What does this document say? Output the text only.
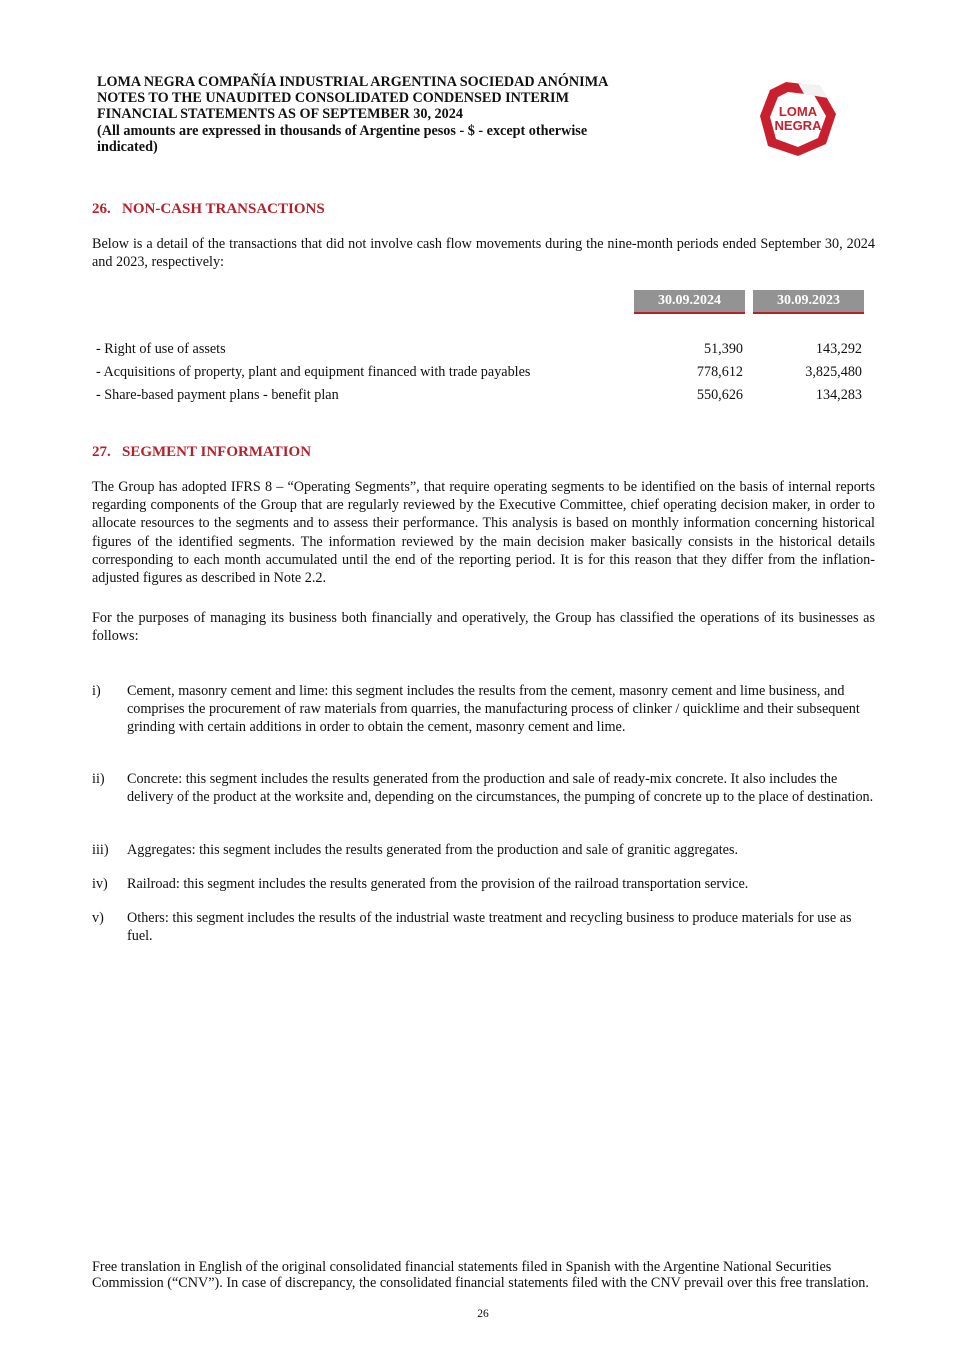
LOMA NEGRA COMPAÑÍA INDUSTRIAL ARGENTINA SOCIEDAD ANÓNIMA
NOTES TO THE UNAUDITED CONSOLIDATED CONDENSED INTERIM
FINANCIAL STATEMENTS AS OF SEPTEMBER 30, 2024
(All amounts are expressed in thousands of Argentine pesos - $ - except otherwise
indicated)
LOMA
NEGRA
26.   NON-CASH TRANSACTIONS
Below is a detail of the transactions that did not involve cash flow movements during the nine-month periods ended September 30, 2024 and 2023, respectively:
30.09.2024	30.09.2023
- Right of use of assets	51,390	143,292
- Acquisitions of property, plant and equipment financed with trade payables	778,612	3,825,480
- Share-based payment plans - benefit plan	550,626	134,283
27.   SEGMENT INFORMATION
The Group has adopted IFRS 8 – “Operating Segments”, that require operating segments to be identified on the basis of internal reports regarding components of the Group that are regularly reviewed by the Executive Committee, chief operating decision maker, in order to allocate resources to the segments and to assess their performance. This analysis is based on monthly information concerning historical figures of the identified segments. The information reviewed by the main decision maker basically consists in the historical details corresponding to each month accumulated until the end of the reporting period. It is for this reason that they differ from the inflation-adjusted figures as described in Note 2.2.
For the purposes of managing its business both financially and operatively, the Group has classified the operations of its businesses as follows:
i) Cement, masonry cement and lime: this segment includes the results from the cement, masonry cement and lime business, and comprises the procurement of raw materials from quarries, the manufacturing process of clinker / quicklime and their subsequent grinding with certain additions in order to obtain the cement, masonry cement and lime.
ii) Concrete: this segment includes the results generated from the production and sale of ready-mix concrete. It also includes the delivery of the product at the worksite and, depending on the circumstances, the pumping of concrete up to the place of destination.
iii) Aggregates: this segment includes the results generated from the production and sale of granitic aggregates.
iv) Railroad: this segment includes the results generated from the provision of the railroad transportation service.
v) Others: this segment includes the results of the industrial waste treatment and recycling business to produce materials for use as fuel.
Free translation in English of the original consolidated financial statements filed in Spanish with the Argentine National Securities Commission (“CNV”). In case of discrepancy, the consolidated financial statements filed with the CNV prevail over this free translation.
26
